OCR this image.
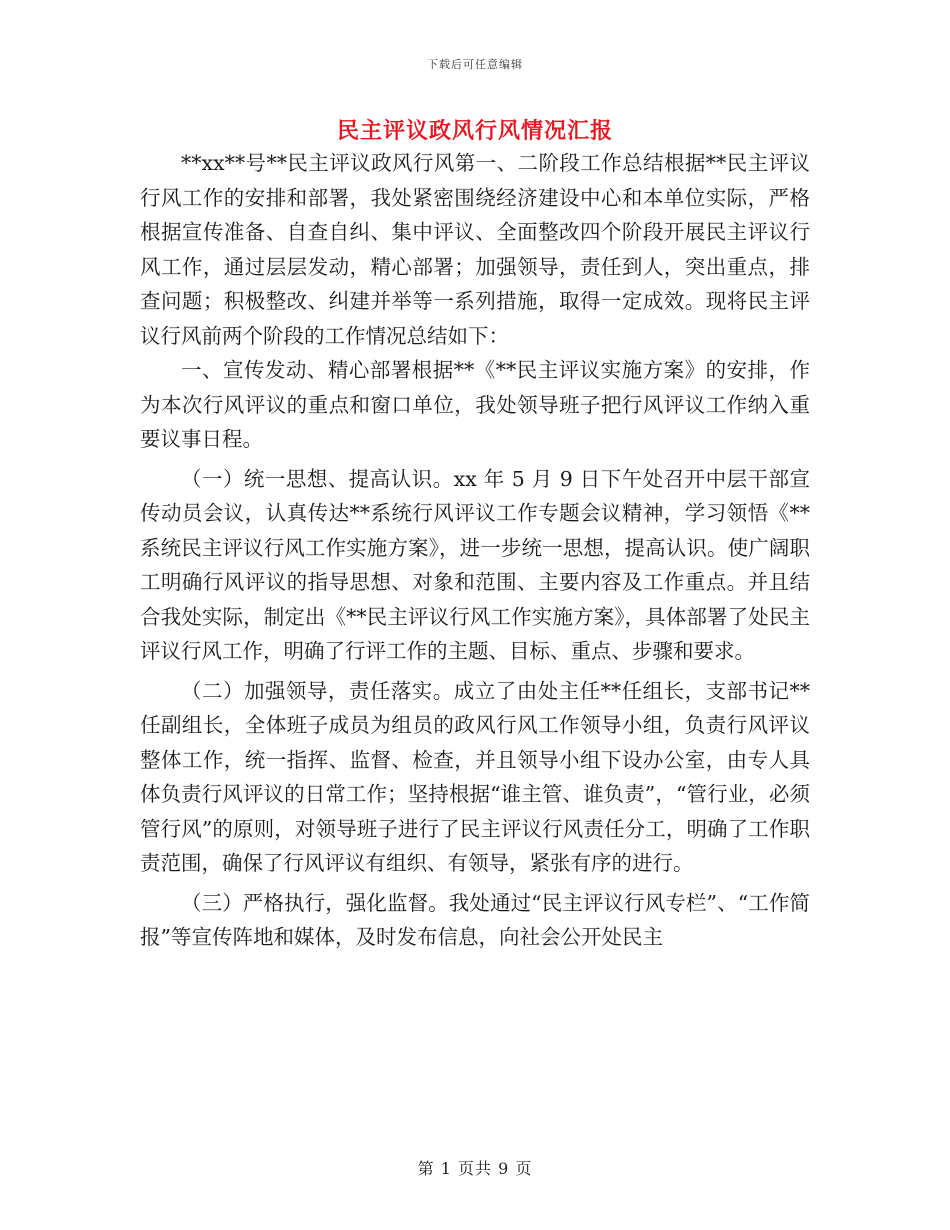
下载后可任意编辑
民主评议政风行风情况汇报

**xx**号**民主评议政风行风第一、二阶段工作总结根据**民主评议行风工作的安排和部署，我处紧密围绕经济建设中心和本单位实际，严格根据宣传准备、自查自纠、集中评议、全面整改四个阶段开展民主评议行风工作，通过层层发动，精心部署；加强领导，责任到人，突出重点，排查问题；积极整改、纠建并举等一系列措施，取得一定成效。现将民主评议行风前两个阶段的工作情况总结如下：

一、宣传发动、精心部署根据**《**民主评议实施方案》的安排，作为本次行风评议的重点和窗口单位，我处领导班子把行风评议工作纳入重要议事日程。

（一）统一思想、提高认识。xx 年 5 月 9 日下午处召开中层干部宣传动员会议，认真传达**系统行风评议工作专题会议精神，学习领悟《**系统民主评议行风工作实施方案》，进一步统一思想，提高认识。使广阔职工明确行风评议的指导思想、对象和范围、主要内容及工作重点。并且结合我处实际，制定出《**民主评议行风工作实施方案》，具体部署了处民主评议行风工作，明确了行评工作的主题、目标、重点、步骤和要求。

（二）加强领导，责任落实。成立了由处主任**任组长，支部书记**任副组长，全体班子成员为组员的政风行风工作领导小组，负责行风评议整体工作，统一指挥、监督、检查，并且领导小组下设办公室，由专人具体负责行风评议的日常工作；坚持根据“谁主管、谁负责”，“管行业，必须管行风”的原则，对领导班子进行了民主评议行风责任分工，明确了工作职责范围，确保了行风评议有组织、有领导，紧张有序的进行。

（三）严格执行，强化监督。我处通过“民主评议行风专栏”、“工作简报”等宣传阵地和媒体，及时发布信息，向社会公开处民主

第 1 页共 9 页
